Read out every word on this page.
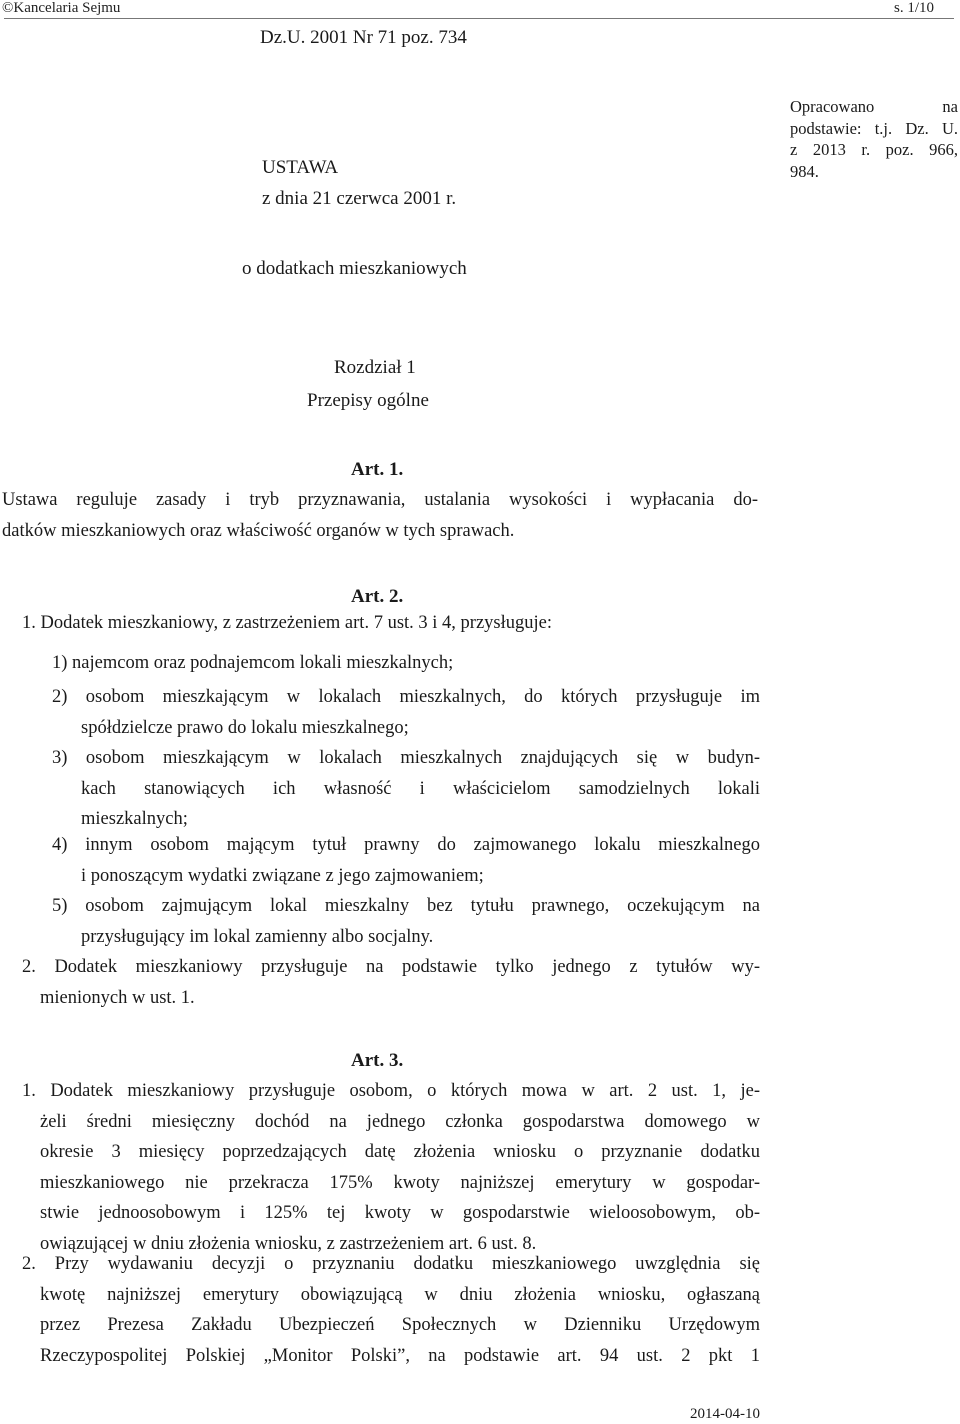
©Kancelaria Sejmu	s. 1/10
Dz.U. 2001 Nr 71 poz. 734
Opracowano na
podstawie: t.j. Dz. U.
z 2013 r. poz. 966,
984.
USTAWA
z dnia 21 czerwca 2001 r.
o dodatkach mieszkaniowych
Rozdział 1
Przepisy ogólne
Art. 1.
Ustawa reguluje zasady i tryb przyznawania, ustalania wysokości i wypłacania do-
datków mieszkaniowych oraz właściwość organów w tych sprawach.
Art. 2.
1. Dodatek mieszkaniowy, z zastrzeżeniem art. 7 ust. 3 i 4, przysługuje:
1) najemcom oraz podnajemcom lokali mieszkalnych;
2) osobom mieszkającym w lokalach mieszkalnych, do których przysługuje im
spółdzielcze prawo do lokalu mieszkalnego;
3) osobom mieszkającym w lokalach mieszkalnych znajdujących się w budyn-
kach stanowiących ich własność i właścicielom samodzielnych lokali
mieszkalnych;
4) innym osobom mającym tytuł prawny do zajmowanego lokalu mieszkalnego
i ponoszącym wydatki związane z jego zajmowaniem;
5) osobom zajmującym lokal mieszkalny bez tytułu prawnego, oczekującym na
przysługujący im lokal zamienny albo socjalny.
2. Dodatek mieszkaniowy przysługuje na podstawie tylko jednego z tytułów wy-
mienionych w ust. 1.
Art. 3.
1. Dodatek mieszkaniowy przysługuje osobom, o których mowa w art. 2 ust. 1, je-
żeli średni miesięczny dochód na jednego członka gospodarstwa domowego w
okresie 3 miesięcy poprzedzających datę złożenia wniosku o przyznanie dodatku
mieszkaniowego nie przekracza 175% kwoty najniższej emerytury w gospodar-
stwie jednoosobowym i 125% tej kwoty w gospodarstwie wieloosobowym, ob-
owiązującej w dniu złożenia wniosku, z zastrzeżeniem art. 6 ust. 8.
2. Przy wydawaniu decyzji o przyznaniu dodatku mieszkaniowego uwzględnia się
kwotę najniższej emerytury obowiązującą w dniu złożenia wniosku, ogłaszaną
przez Prezesa Zakładu Ubezpieczeń Społecznych w Dzienniku Urzędowym
Rzeczypospolitej Polskiej „Monitor Polski”, na podstawie art. 94 ust. 2 pkt 1
2014-04-10
